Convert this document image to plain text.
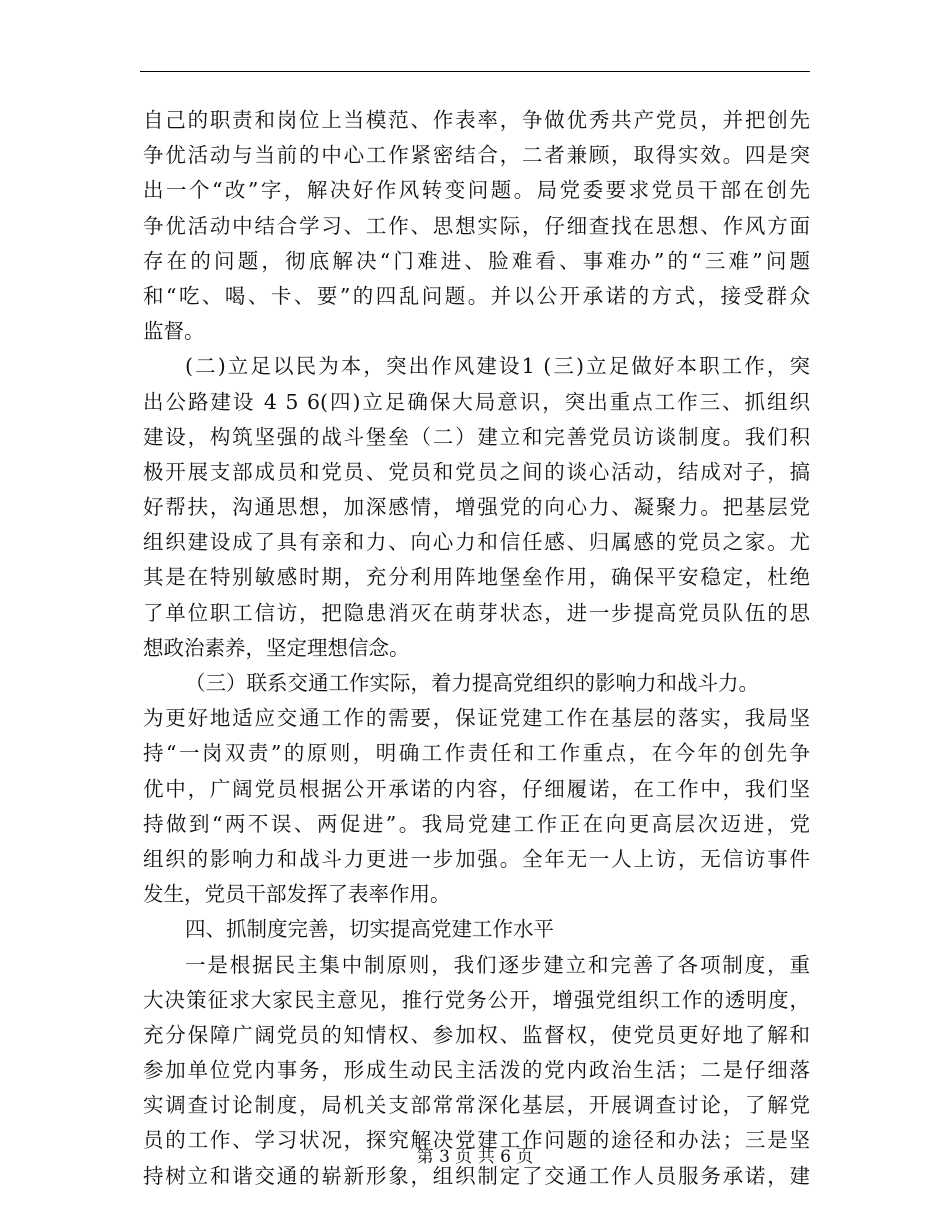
自己的职责和岗位上当模范、作表率，争做优秀共产党员，并把创先
争优活动与当前的中心工作紧密结合，二者兼顾，取得实效。四是突
出一个“改”字，解决好作风转变问题。局党委要求党员干部在创先
争优活动中结合学习、工作、思想实际，仔细查找在思想、作风方面
存在的问题，彻底解决“门难进、脸难看、事难办”的“三难”问题
和“吃、喝、卡、要”的四乱问题。并以公开承诺的方式，接受群众
监督。
(二)立足以民为本，突出作风建设1 (三)立足做好本职工作，突
出公路建设 4 5 6(四)立足确保大局意识，突出重点工作三、抓组织
建设，构筑坚强的战斗堡垒（二）建立和完善党员访谈制度。我们积
极开展支部成员和党员、党员和党员之间的谈心活动，结成对子，搞
好帮扶，沟通思想，加深感情，增强党的向心力、凝聚力。把基层党
组织建设成了具有亲和力、向心力和信任感、归属感的党员之家。尤
其是在特别敏感时期，充分利用阵地堡垒作用，确保平安稳定，杜绝
了单位职工信访，把隐患消灭在萌芽状态，进一步提高党员队伍的思
想政治素养，坚定理想信念。
（三）联系交通工作实际，着力提高党组织的影响力和战斗力。
为更好地适应交通工作的需要，保证党建工作在基层的落实，我局坚
持“一岗双责”的原则，明确工作责任和工作重点，在今年的创先争
优中，广阔党员根据公开承诺的内容，仔细履诺，在工作中，我们坚
持做到“两不误、两促进”。我局党建工作正在向更高层次迈进，党
组织的影响力和战斗力更进一步加强。全年无一人上访，无信访事件
发生，党员干部发挥了表率作用。
四、抓制度完善，切实提高党建工作水平
一是根据民主集中制原则，我们逐步建立和完善了各项制度，重
大决策征求大家民主意见，推行党务公开，增强党组织工作的透明度，
充分保障广阔党员的知情权、参加权、监督权，使党员更好地了解和
参加单位党内事务，形成生动民主活泼的党内政治生活；二是仔细落
实调查讨论制度，局机关支部常常深化基层，开展调查讨论，了解党
员的工作、学习状况，探究解决党建工作问题的途径和办法；三是坚
持树立和谐交通的崭新形象，组织制定了交通工作人员服务承诺，建
第 3 页 共 6 页
